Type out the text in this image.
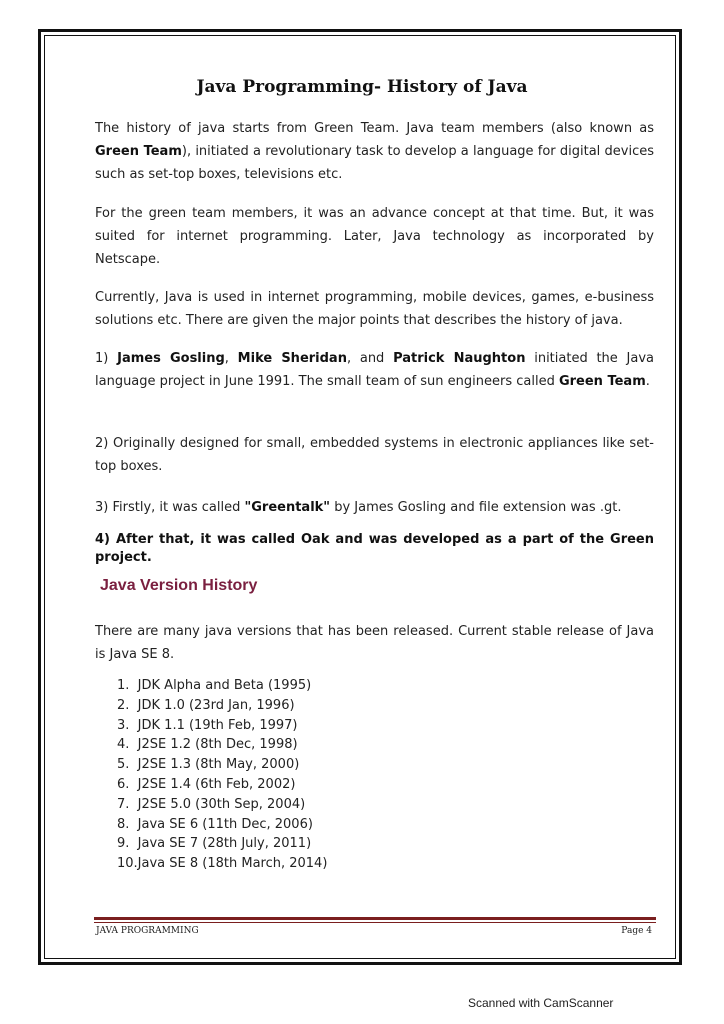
Java Programming- History of Java

The history of java starts from Green Team. Java team members (also known as Green Team), initiated a revolutionary task to develop a language for digital devices such as set-top boxes, televisions etc.

For the green team members, it was an advance concept at that time. But, it was suited for internet programming. Later, Java technology as incorporated by Netscape.

Currently, Java is used in internet programming, mobile devices, games, e-business solutions etc. There are given the major points that describes the history of java.

1) James Gosling, Mike Sheridan, and Patrick Naughton initiated the Java language project in June 1991. The small team of sun engineers called Green Team.

2) Originally designed for small, embedded systems in electronic appliances like set-top boxes.

3) Firstly, it was called "Greentalk" by James Gosling and file extension was .gt.

4) After that, it was called Oak and was developed as a part of the Green project.

Java Version History

There are many java versions that has been released. Current stable release of Java is Java SE 8.

1.  JDK Alpha and Beta (1995)
2.  JDK 1.0 (23rd Jan, 1996)
3.  JDK 1.1 (19th Feb, 1997)
4.  J2SE 1.2 (8th Dec, 1998)
5.  J2SE 1.3 (8th May, 2000)
6.  J2SE 1.4 (6th Feb, 2002)
7.  J2SE 5.0 (30th Sep, 2004)
8.  Java SE 6 (11th Dec, 2006)
9.  Java SE 7 (28th July, 2011)
10.Java SE 8 (18th March, 2014)

JAVA PROGRAMMING	Page 4

Scanned with CamScanner
